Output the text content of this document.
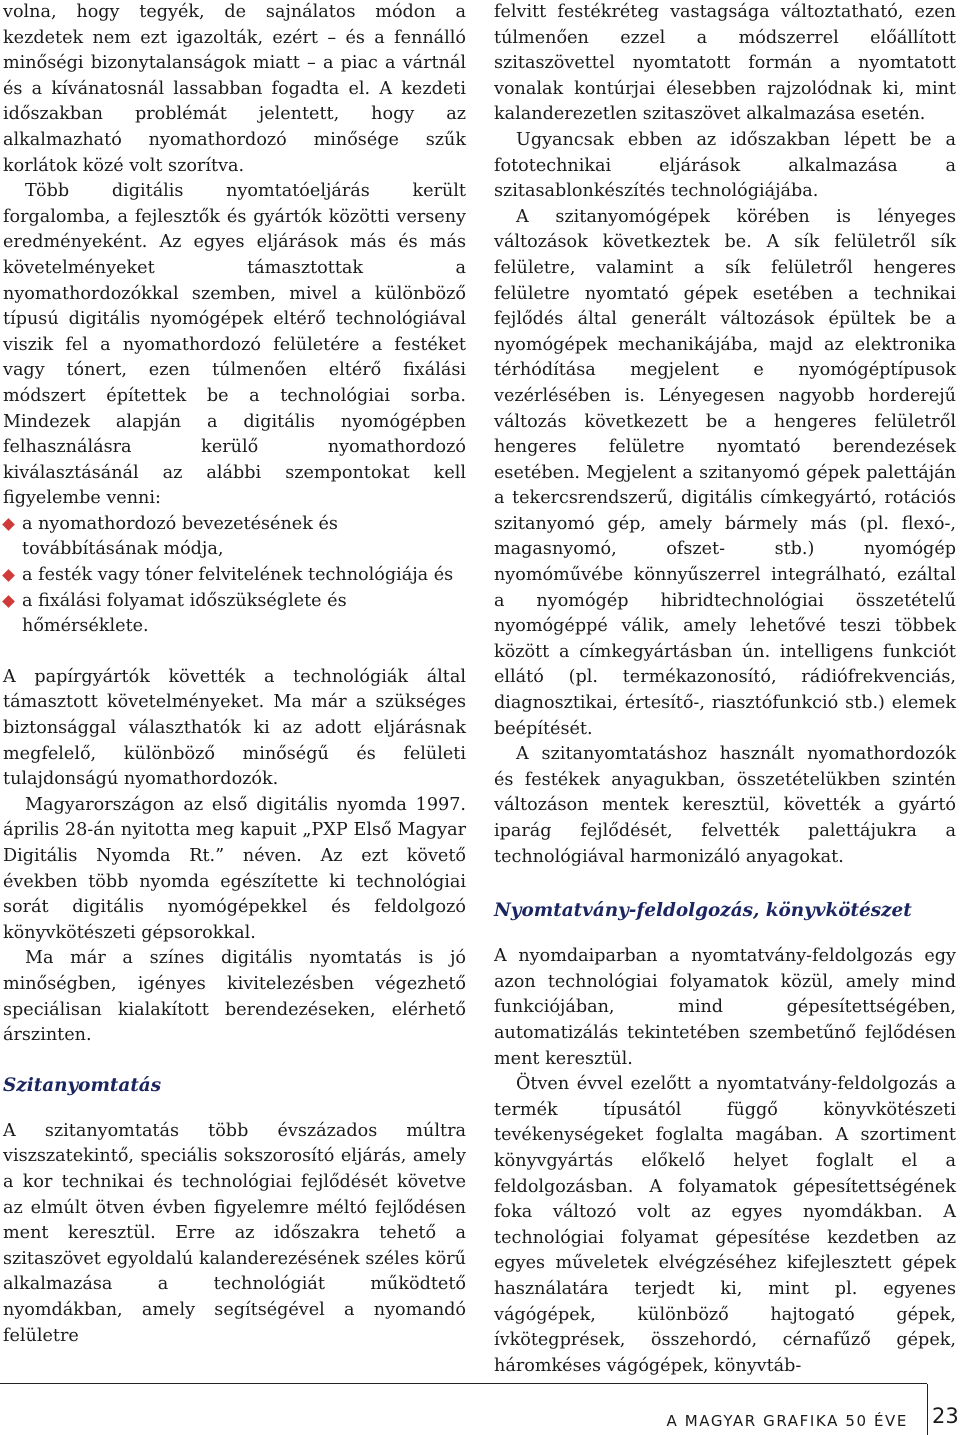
volna, hogy tegyék, de sajnálatos módon a kezdetek nem ezt igazolták, ezért – és a fennálló minőségi bizonytalanságok miatt – a piac a vártnál és a kívánatosnál lassabban fogadta el. A kezdeti időszakban problémát jelentett, hogy az alkalmazható nyomathordozó minősége szűk korlátok közé volt szorítva.

Több digitális nyomtatóeljárás került forgalomba, a fejlesztők és gyártók közötti verseny eredményeként. Az egyes eljárások más és más követelményeket támasztottak a nyomathordozókkal szemben, mivel a különböző típusú digitális nyomógépek eltérő technológiával viszik fel a nyomathordozó felületére a festéket vagy tónert, ezen túlmenően eltérő fixálási módszert építettek be a technológiai sorba. Mindezek alapján a digitális nyomógépben felhasználásra kerülő nyomathordozó kiválasztásánál az alábbi szempontokat kell figyelembe venni:

a nyomathordozó bevezetésének és továbbításának módja,
a festék vagy tóner felvitelének technológiája és
a fixálási folyamat időszükséglete és hőmérséklete.

A papírgyártók követték a technológiák által támasztott követelményeket. Ma már a szükséges biztonsággal választhatók ki az adott eljárásnak megfelelő, különböző minőségű és felületi tulajdonságú nyomathordozók.

Magyarországon az első digitális nyomda 1997. április 28-án nyitotta meg kapuit „PXP Első Magyar Digitális Nyomda Rt.” néven. Az ezt követő években több nyomda egészítette ki technológiai sorát digitális nyomógépekkel és feldolgozó könyvkötészeti gépsorokkal.

Ma már a színes digitális nyomtatás is jó minőségben, igényes kivitelezésben végezhető speciálisan kialakított berendezéseken, elérhető árszinten.

Szitanyomtatás

A szitanyomtatás több évszázados múltra viszszatekintő, speciális sokszorosító eljárás, amely a kor technikai és technológiai fejlődését követve az elmúlt ötven évben figyelemre méltó fejlődésen ment keresztül. Erre az időszakra tehető a szitaszövet egyoldalú kalanderezésének széles körű alkalmazása a technológiát működtető nyomdákban, amely segítségével a nyomandó felületre

felvitt festékréteg vastagsága változtatható, ezen túlmenően ezzel a módszerrel előállított szitaszövettel nyomtatott formán a nyomtatott vonalak kontúrjai élesebben rajzolódnak ki, mint kalanderezetlen szitaszövet alkalmazása esetén.

Ugyancsak ebben az időszakban lépett be a fototechnikai eljárások alkalmazása a szitasablonkészítés technológiájába.

A szitanyomógépek körében is lényeges változások következtek be. A sík felületről sík felületre, valamint a sík felületről hengeres felületre nyomtató gépek esetében a technikai fejlődés által generált változások épültek be a nyomógépek mechanikájába, majd az elektronika térhódítása megjelent e nyomógéptípusok vezérlésében is. Lényegesen nagyobb horderejű változás következett be a hengeres felületről hengeres felületre nyomtató berendezések esetében. Megjelent a szitanyomó gépek palettáján a tekercsrendszerű, digitális címkegyártó, rotációs szitanyomó gép, amely bármely más (pl. flexó-, magasnyomó, ofszet- stb.) nyomógép nyomóművébe könnyűszerrel integrálható, ezáltal a nyomógép hibridtechnológiai összetételű nyomógéppé válik, amely lehetővé teszi többek között a címkegyártásban ún. intelligens funkciót ellátó (pl. termékazonosító, rádiófrekvenciás, diagnosztikai, értesítő-, riasztófunkció stb.) elemek beépítését.

A szitanyomtatáshoz használt nyomathordozók és festékek anyagukban, összetételükben szintén változáson mentek keresztül, követték a gyártó iparág fejlődését, felvették palettájukra a technológiával harmonizáló anyagokat.

Nyomtatvány-feldolgozás, könyvkötészet

A nyomdaiparban a nyomtatvány-feldolgozás egy azon technológiai folyamatok közül, amely mind funkciójában, mind gépesítettségében, automatizálás tekintetében szembetűnő fejlődésen ment keresztül.

Ötven évvel ezelőtt a nyomtatvány-feldolgozás a termék típusától függő könyvkötészeti tevékenységeket foglalta magában. A szortiment könyvgyártás előkelő helyet foglalt el a feldolgozásban. A folyamatok gépesítettségének foka változó volt az egyes nyomdákban. A technológiai folyamat gépesítése kezdetben az egyes műveletek elvégzéséhez kifejlesztett gépek használatára terjedt ki, mint pl. egyenes vágógépek, különböző hajtogató gépek, ívkötegprések, összehordó, cérnafűző gépek, háromkéses vágógépek, könyvtáb-

A MAGYAR GRAFIKA 50 ÉVE 23
